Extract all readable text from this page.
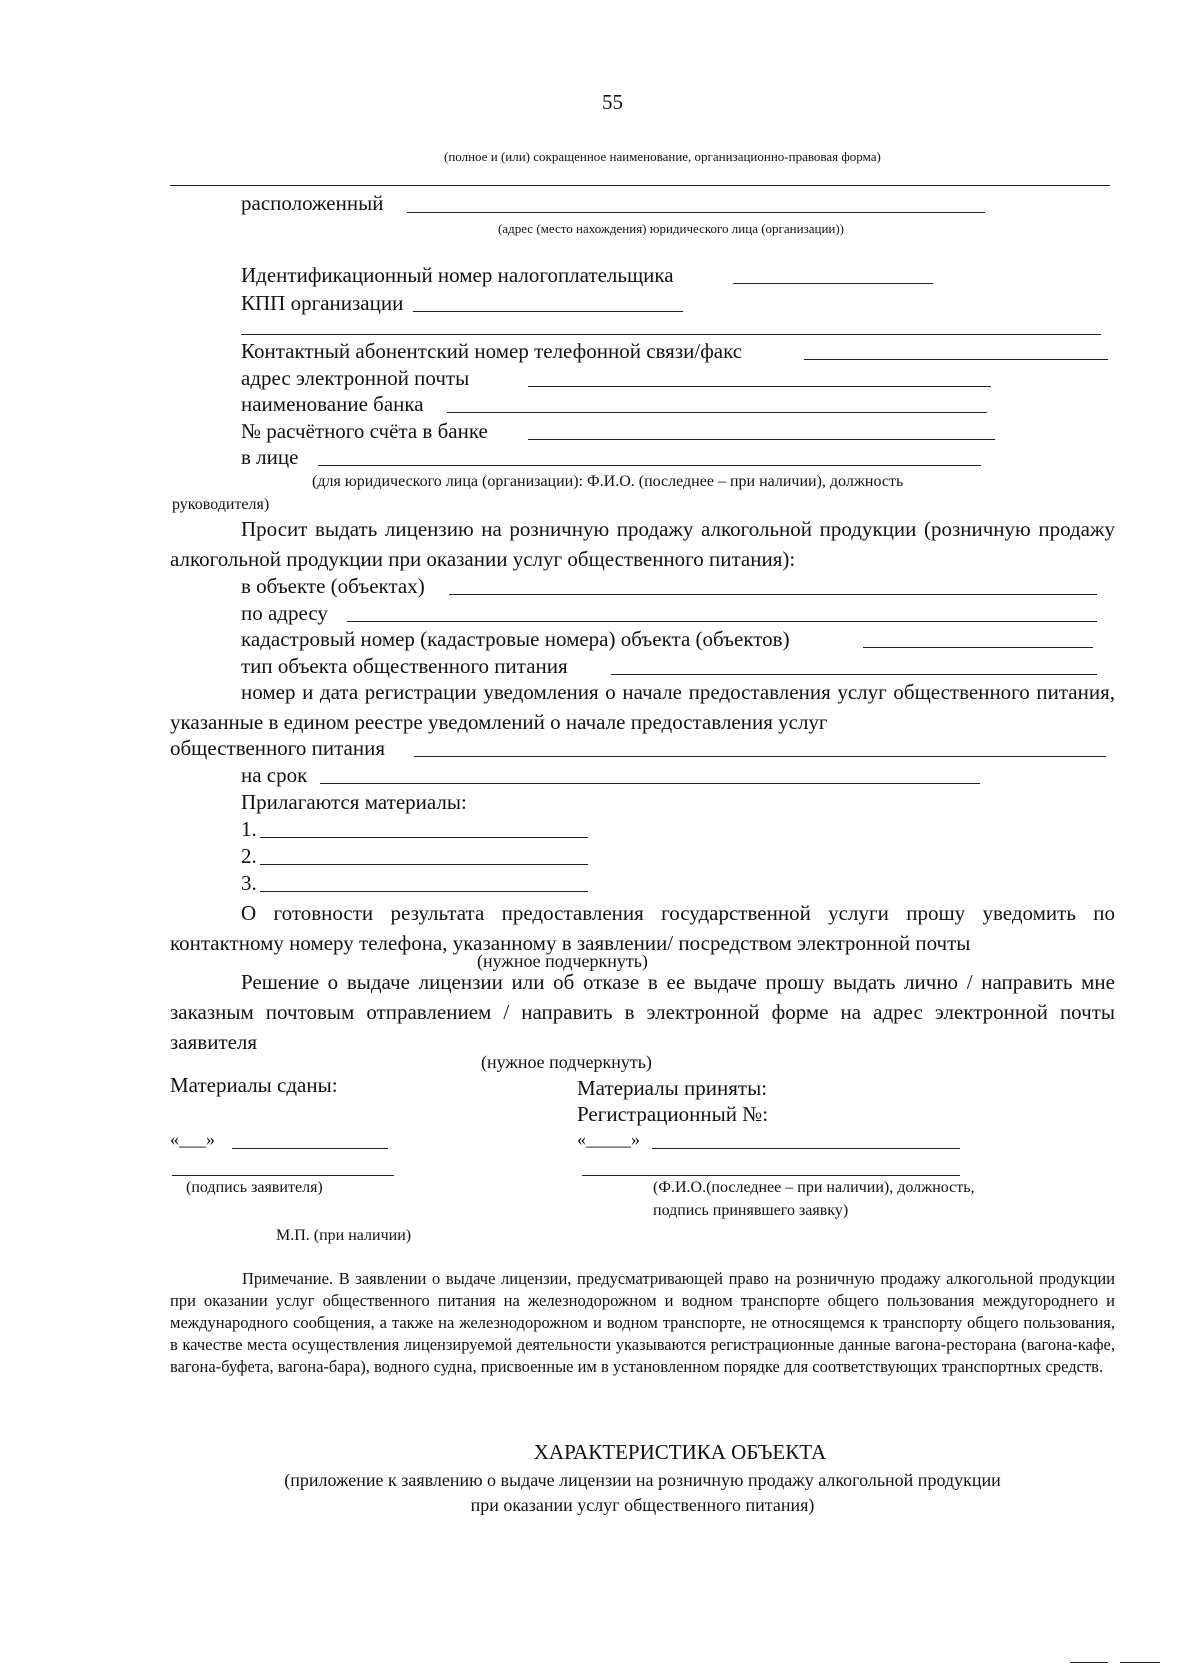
55
(полное и (или) сокращенное наименование, организационно-правовая форма)
расположенный
(адрес (место нахождения) юридического лица (организации))
Идентификационный номер налогоплательщика
КПП организации
Контактный абонентский номер телефонной связи/факс
адрес электронной почты
наименование банка
№ расчётного счёта в банке
в лице
(для юридического лица (организации): Ф.И.О. (последнее – при наличии), должность
руководителя)
Просит выдать лицензию на розничную продажу алкогольной продукции (розничную продажу алкогольной продукции при оказании услуг общественного питания):
в объекте (объектах)
по адресу
кадастровый номер (кадастровые номера) объекта (объектов)
тип объекта общественного питания
номер и дата регистрации уведомления о начале предоставления услуг общественного питания, указанные в едином реестре уведомлений о начале предоставления услуг
общественного питания
на срок
Прилагаются материалы:
1.
2.
3.
О готовности результата предоставления государственной услуги прошу уведомить по контактному номеру телефона, указанному в заявлении/ посредством электронной почты
(нужное подчеркнуть)
Решение о выдаче лицензии или об отказе в ее выдаче прошу выдать лично / направить мне заказным почтовым отправлением / направить в электронной форме на адрес электронной почты заявителя
(нужное подчеркнуть)
Материалы сданы:	Материалы приняты:
Регистрационный №:
«___»	«_____»
(подпись заявителя)	(Ф.И.О.(последнее – при наличии), должность,
подпись принявшего заявку)
М.П. (при наличии)
Примечание. В заявлении о выдаче лицензии, предусматривающей право на розничную продажу алкогольной продукции при оказании услуг общественного питания на железнодорожном и водном транспорте общего пользования междугороднего и международного сообщения, а также на железнодорожном и водном транспорте, не относящемся к транспорту общего пользования, в качестве места осуществления лицензируемой деятельности указываются регистрационные данные вагона-ресторана (вагона-кафе, вагона-буфета, вагона-бара), водного судна, присвоенные им в установленном порядке для соответствующих транспортных средств.
ХАРАКТЕРИСТИКА ОБЪЕКТА
(приложение к заявлению о выдаче лицензии на розничную продажу алкогольной продукции
при оказании услуг общественного питания)
